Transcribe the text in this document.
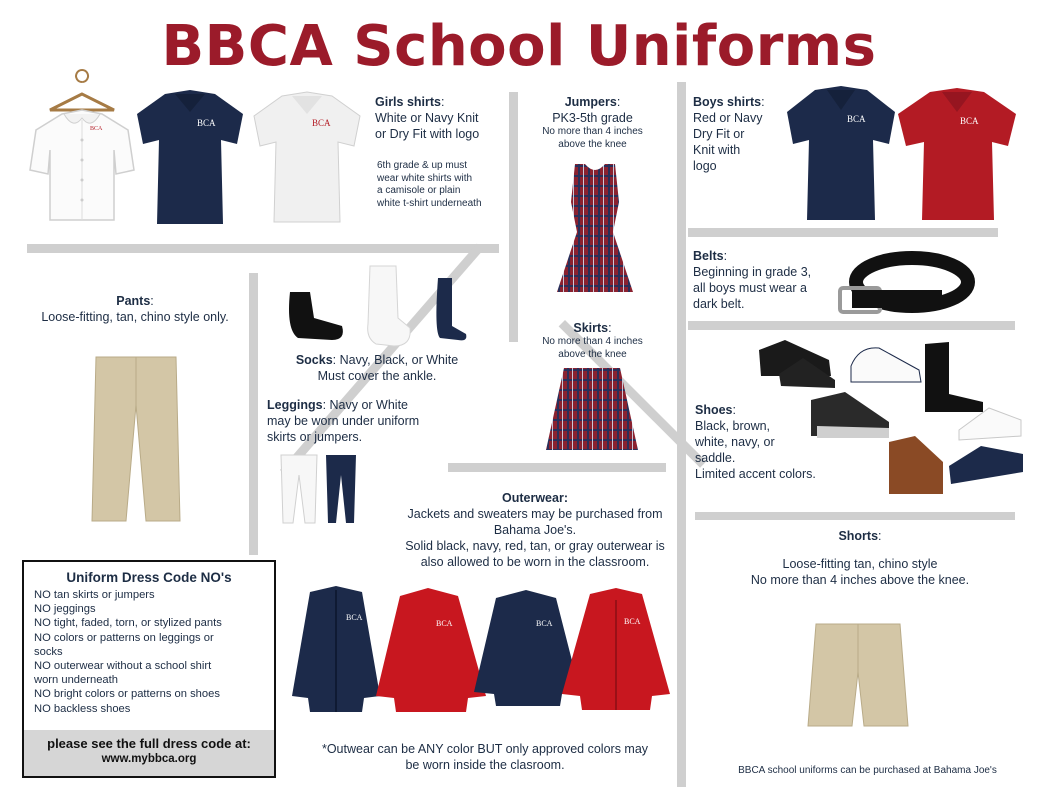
BBCA School Uniforms
BCA
BCA	BCA
Girls shirts:
White or Navy Knit
or Dry Fit with logo
6th grade & up must
wear white shirts with
a camisole or plain
white t-shirt underneath
Jumpers:
PK3-5th grade
No more than 4 inches
above the knee
Boys shirts:
Red or Navy
Dry Fit or
Knit with
logo
BCA	BCA
Belts:
Beginning in grade 3,
all boys must wear a
dark belt.
Pants:
Loose-fitting, tan, chino style only.
Socks: Navy, Black, or White
Must cover the ankle.
Leggings: Navy or White
may be worn under uniform
skirts or jumpers.
Skirts:
No more than 4 inches
above the knee
Shoes:
Black, brown,
white, navy, or
saddle.
Limited accent colors.
Outerwear:
Jackets and sweaters may be purchased from
Bahama Joe's.
Solid black, navy, red, tan, or gray outerwear is
also allowed to be worn in the classroom.
BCA
BCA	BCA	BCA
*Outwear can be ANY color BUT only approved colors may
be worn inside the clasroom.
Shorts:
Loose-fitting tan, chino style
No more than 4 inches above the knee.
BBCA school uniforms can be purchased at Bahama Joe's
Uniform Dress Code NO's
NO tan skirts or jumpers
NO jeggings
NO tight, faded, torn, or stylized pants
NO colors or patterns on leggings or
socks
NO outerwear without a school shirt
worn underneath
NO bright colors or patterns on shoes
NO backless shoes
please see the full dress code at:
www.mybbca.org
